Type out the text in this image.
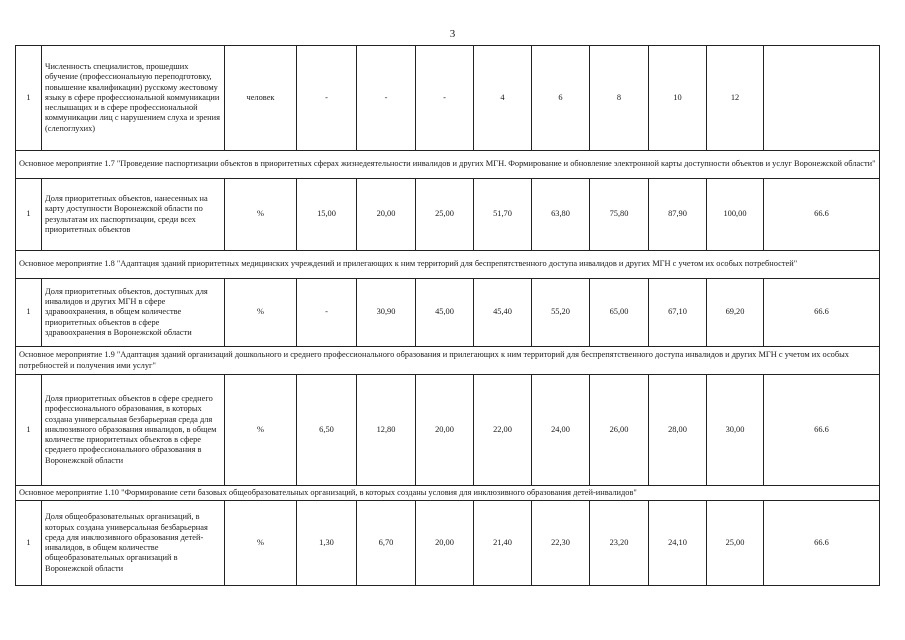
3
1	Численность специалистов, прошедших обучение (профессиональную переподготовку, повышение квалификации) русскому жестовому языку в сфере профессиональной коммуникации неслышащих и в сфере профессиональной коммуникации лиц с нарушением слуха и зрения (слепоглухих)	человек	-	-	-	4	6	8	10	12	
Основное мероприятие 1.7 "Проведение паспортизации объектов в приоритетных сферах жизнедеятельности инвалидов и других МГН. Формирование и обновление электронной карты доступности объектов и услуг Воронежской области"											
1	Доля приоритетных объектов, нанесенных на карту доступности Воронежской области по результатам их паспортизации, среди всех приоритетных объектов	%	15,00	20,00	25,00	51,70	63,80	75,80	87,90	100,00	66.6
Основное мероприятие 1.8 "Адаптация зданий приоритетных медицинских учреждений и прилегающих к ним территорий для беспрепятственного доступа инвалидов и других МГН с учетом их особых потребностей"											
1	Доля приоритетных объектов, доступных для инвалидов и других МГН в сфере здравоохранения, в общем количестве приоритетных объектов в сфере здравоохранения в Воронежской области	%	-	30,90	45,00	45,40	55,20	65,00	67,10	69,20	66.6
Основное мероприятие 1.9 "Адаптация зданий организаций дошкольного и среднего профессионального образования и прилегающих к ним территорий для беспрепятственного доступа инвалидов и других МГН с учетом их особых потребностей и получения ими услуг"											
1	Доля приоритетных объектов в сфере среднего профессионального образования, в которых создана универсальная безбарьерная среда для инклюзивного образования инвалидов, в общем количестве приоритетных объектов в сфере среднего профессионального образования в Воронежской области	%	6,50	12,80	20,00	22,00	24,00	26,00	28,00	30,00	66.6
Основное мероприятие 1.10 "Формирование сети базовых общеобразовательных организаций, в которых созданы условия для инклюзивного образования детей-инвалидов"											
1	Доля общеобразовательных организаций, в которых создана универсальная безбарьерная среда для инклюзивного образования детей-инвалидов, в общем количестве общеобразовательных организаций в Воронежской области	%	1,30	6,70	20,00	21,40	22,30	23,20	24,10	25,00	66.6
